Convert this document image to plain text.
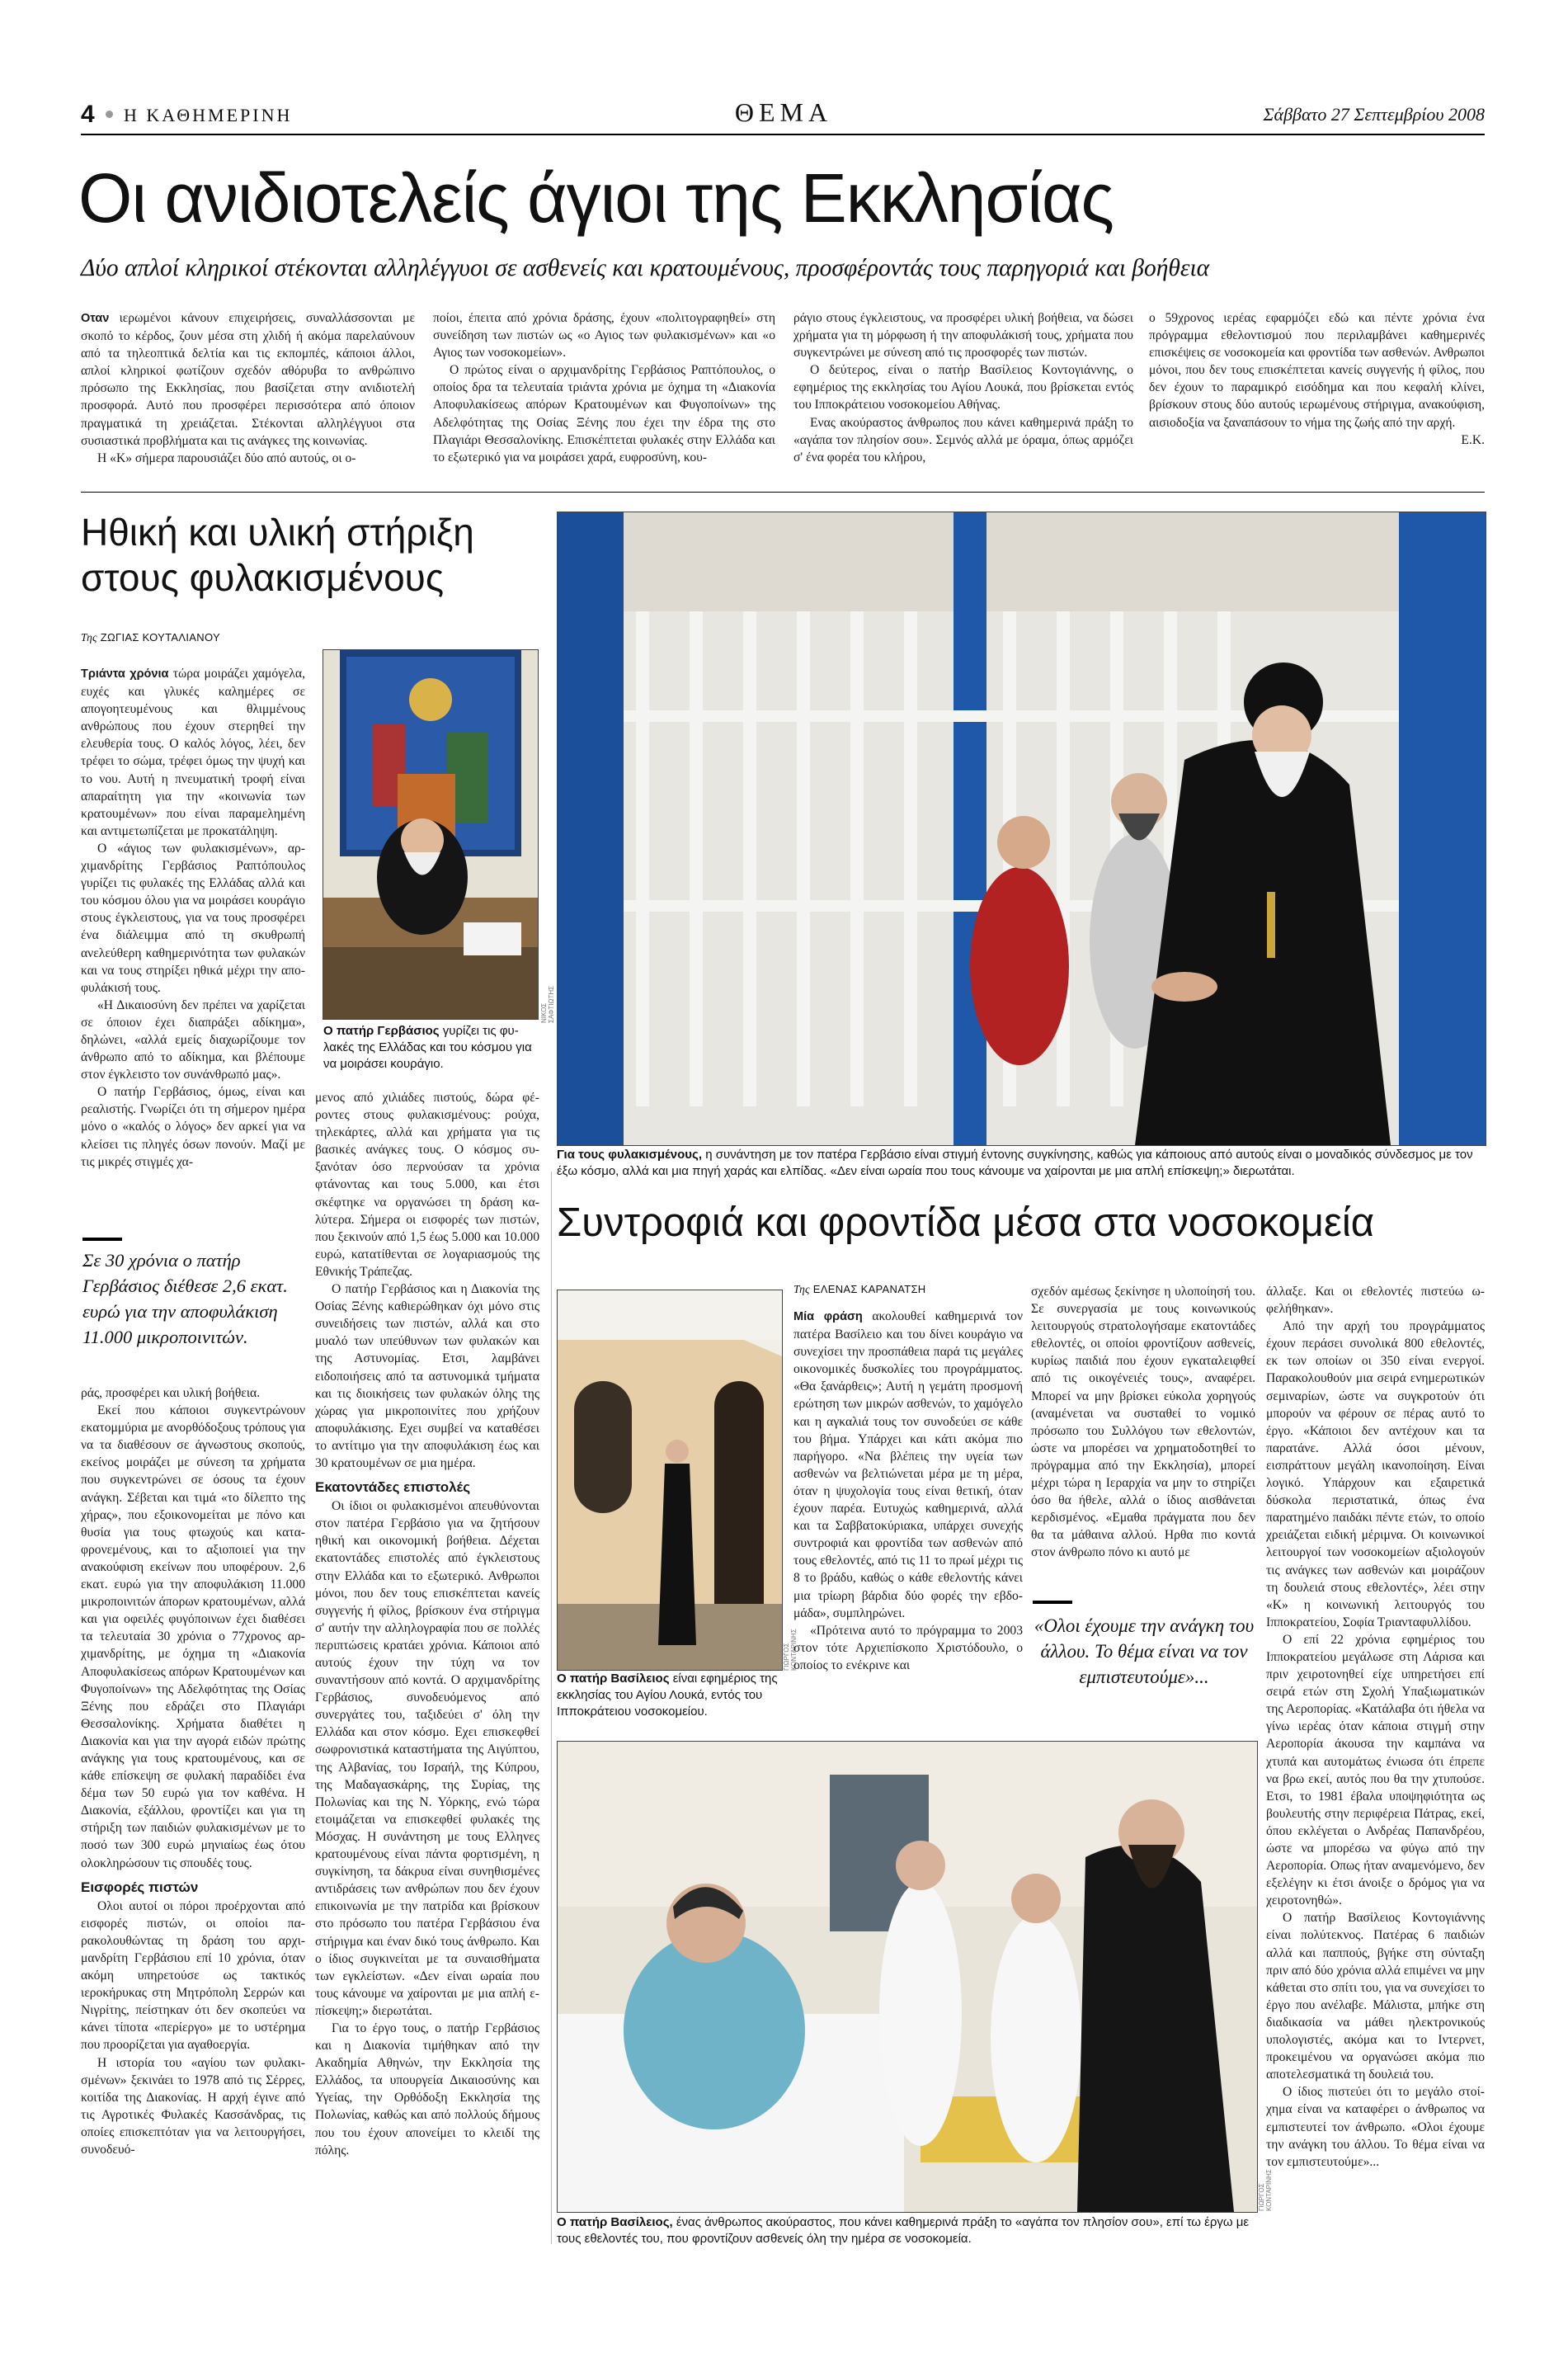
4 Η ΚΑΘΗΜΕΡΙΝΗ	ΘΕΜΑ	Σάββατο 27 Σεπτεμβρίου 2008
Οι ανιδιοτελείς άγιοι της Εκκλησίας
Δύο απλοί κληρικοί στέκονται αλληλέγγυοι σε ασθενείς και κρατουμένους, προσφέροντάς τους παρηγοριά και βοήθεια

Οταν ιερωμένοι κάνουν επιχειρήσεις, συναλλάσσονται με σκοπό το κέρδος, ζουν μέσα στη χλιδή ή ακόμα παρελαύνουν από τα τηλεοπτικά δελτία και τις εκπομπές, κάποιοι άλλοι, απλοί κληρικοί φωτίζουν σχεδόν αθόρυβα το ανθρώπινο πρόσωπο της Εκκλησίας, που βασίζεται στην ανιδιοτελή προσφορά. Αυτό που προσφέρει περισσότερα από όποιον πραγματικά τη χρειάζεται. Στέκονται αλληλέγγυοι στα συσιαστικά προβλήματα και τις ανάγκες της κοινωνίας.

Η «Κ» σήμερα παρουσιάζει δύο από αυτούς, οι ο-

ποίοι, έπειτα από χρόνια δράσης, έχουν «πολιτογραφηθεί» στη συνείδηση των πιστών ως «ο Αγιος των φυλακισμένων» και «ο Αγιος των νοσοκομείων».

Ο πρώτος είναι ο αρχιμανδρίτης Γερβάσιος Ραπτόπουλος, ο οποίος δρα τα τελευταία τριάντα χρόνια με όχημα τη «Διακονία Αποφυλακίσεως απόρων Κρατουμένων και Φυγοποίνων» της Αδελφότητας της Οσίας Ξένης που έχει την έδρα της στο Πλαγιάρι Θεσσαλονίκης. Επισκέπτεται φυλακές στην Ελλάδα και το εξωτερικό για να μοιράσει χαρά, ευφροσύνη, κου-

ράγιο στους έγκλειστους, να προσφέρει υλική βοήθεια, να δώσει χρήματα για τη μόρφωση ή την αποφυλάκισή τους, χρήματα που συγκεντρώνει με σύνεση από τις προσφορές των πιστών.

Ο δεύτερος, είναι ο πατήρ Βασίλειος Κοντογιάννης, ο εφημέριος της εκκλησίας του Αγίου Λουκά, που βρίσκεται εντός του Ιπποκράτειου νοσοκομείου Αθήνας.

Ενας ακούραστος άνθρωπος που κάνει καθημερινά πράξη το «αγάπα τον πλησίον σου». Σεμνός αλλά με όραμα, όπως αρμόζει σ' ένα φορέα του κλήρου,

ο 59χρονος ιερέας εφαρμόζει εδώ και πέντε χρόνια ένα πρόγραμμα εθελοντισμού που περιλαμβάνει καθημερινές επισκέψεις σε νοσοκομεία και φροντίδα των ασθενών. Ανθρωποι μόνοι, που δεν τους επισκέπτεται κανείς συγγενής ή φίλος, που δεν έχουν το παραμικρό εισόδημα και που κεφαλή κλίνει, βρίσκουν στους δύο αυτούς ιερωμένους στήριγμα, ανακούφιση, αισιοδοξία να ξαναπάσουν το νήμα της ζωής από την αρχή.

Ε.Κ.

Ηθική και υλική στήριξη
στους φυλακισμένους
Της ΖΩΓΙΑΣ ΚΟΥΤΑΛΙΑΝΟΥ
ΝΙΚΟΣ ΣΑΦΤΙΩΤΗΣ
Ο πατήρ Γερβάσιος γυρίζει τις φυλακές της Ελλάδας και του κόσμου για να μοιράσει κουράγιο.

Τριάντα χρόνια τώρα μοιράζει χαμόγελα, ευχές και γλυκές καλημέρες σε απογοητευμένους και θλιμμένους ανθρώπους που έχουν στερηθεί την ελευθερία τους. Ο καλός λόγος, λέει, δεν τρέφει το σώμα, τρέφει όμως την ψυχή και το νου. Αυτή η πνευματική τροφή είναι απαραίτητη για την «κοινωνία των κρατουμένων» που είναι παραμελημένη και αντιμετωπίζεται με προκατάληψη.

Ο «άγιος των φυλακισμένων», αρχιμανδρίτης Γερβάσιος Ραπτόπουλος γυρίζει τις φυλακές της Ελλάδας αλλά και του κόσμου όλου για να μοιράσει κουράγιο στους έγκλειστους, για να τους προσφέρει ένα διάλειμμα από τη σκυθρωπή ανελεύθερη καθημερινότητα των φυλακών και να τους στηρίξει ηθικά μέχρι την αποφυλάκισή τους.

«Η Δικαιοσύνη δεν πρέπει να χαρίζεται σε όποιον έχει διαπράξει αδίκημα», δηλώνει, «αλλά εμείς διαχωρίζουμε τον άνθρωπο από το αδίκημα, και βλέπουμε στον έγκλειστο τον συνάνθρωπό μας».

Ο πατήρ Γερβάσιος, όμως, είναι και ρεαλιστής. Γνωρίζει ότι τη σήμερον ημέρα μόνο ο «καλός ο λόγος» δεν αρκεί για να κλείσει τις πληγές όσων πονούν. Μαζί με τις μικρές στιγμές χα-

Σε 30 χρόνια ο πατήρ Γερβάσιος διέθεσε 2,6 εκατ. ευρώ για την αποφυλάκιση 11.000 μικροποινιτών.

ράς, προσφέρει και υλική βοήθεια.

Εκεί που κάποιοι συγκεντρώνουν εκατομμύρια με ανορθόδοξους τρόπους για να τα διαθέσουν σε άγνωστους σκοπούς, εκείνος μοιράζει με σύνεση τα χρήματα που συγκεντρώνει σε όσους τα έχουν ανάγκη. Σέβεται και τιμά «το δίλεπτο της χήρας», που εξοικονομείται με πόνο και θυσία για τους φτωχούς και καταφρονεμένους, και το αξιοποιεί για την ανακούφιση εκείνων που υποφέρουν. 2,6 εκατ. ευρώ για την αποφυλάκιση 11.000 μικροποινιτών άπορων κρατουμένων, αλλά και για οφειλές φυγόποινων έχει διαθέσει τα τελευταία 30 χρόνια ο 77χρονος αρχιμανδρίτης, με όχημα τη «Διακονία Αποφυλακίσεως απόρων Κρατουμένων και Φυγοποίνων» της Αδελφότητας της Οσίας Ξένης που εδράζει στο Πλαγιάρι Θεσσαλονίκης. Χρήματα διαθέτει η Διακονία και για την αγορά ειδών πρώτης ανάγκης για τους κρατουμένους, και σε κάθε επίσκεψη σε φυλακή παραδίδει ένα δέμα των 50 ευρώ για τον καθένα. Η Διακονία, εξάλλου, φροντίζει και για τη στήριξη των παιδιών φυλακισμένων με το ποσό των 300 ευρώ μηνιαίως έως ότου ολοκληρώσουν τις σπουδές τους.

Εισφορές πιστών

Ολοι αυτοί οι πόροι προέρχονται από εισφορές πιστών, οι οποίοι παρακολουθώντας τη δράση του αρχιμανδρίτη Γερβάσιου επί 10 χρόνια, όταν ακόμη υπηρετούσε ως τακτικός ιεροκήρυκας στη Μητρόπολη Σερρών και Νιγρίτης, πείστηκαν ότι δεν σκοπεύει να κάνει τίποτα «περίεργο» με το υστέρημα που προορίζεται για αγαθοεργία.

Η ιστορία του «αγίου των φυλακισμένων» ξεκινάει το 1978 από τις Σέρρες, κοιτίδα της Διακονίας. Η αρχή έγινε από τις Αγροτικές Φυλακές Κασσάνδρας, τις οποίες επισκεπτόταν για να λειτουργήσει, συνοδευό-

μενος από χιλιάδες πιστούς, δώρα φέροντες στους φυλακισμένους: ρούχα, τηλεκάρτες, αλλά και χρήματα για τις βασικές ανάγκες τους. Ο κόσμος συξανόταν όσο περνούσαν τα χρόνια φτάνοντας και τους 5.000, και έτσι σκέφτηκε να οργανώσει τη δράση καλύτερα. Σήμερα οι εισφορές των πιστών, που ξεκινούν από 1,5 έως 5.000 και 10.000 ευρώ, κατατίθενται σε λογαριασμούς της Εθνικής Τράπεζας.

Ο πατήρ Γερβάσιος και η Διακονία της Οσίας Ξένης καθιερώθηκαν όχι μόνο στις συνειδήσεις των πιστών, αλλά και στο μυαλό των υπεύθυνων των φυλακών και της Αστυνομίας. Ετσι, λαμβάνει ειδοποιήσεις από τα αστυνομικά τμήματα και τις διοικήσεις των φυλακών όλης της χώρας για μικροποινίτες που χρήζουν αποφυλάκισης. Εχει συμβεί να καταθέσει το αντίτιμο για την αποφυλάκιση έως και 30 κρατουμένων σε μια ημέρα.

Εκατοντάδες επιστολές

Οι ίδιοι οι φυλακισμένοι απευθύνονται στον πατέρα Γερβάσιο για να ζητήσουν ηθική και οικονομική βοήθεια. Δέχεται εκατοντάδες επιστολές από έγκλειστους στην Ελλάδα και το εξωτερικό. Ανθρωποι μόνοι, που δεν τους επισκέπτεται κανείς συγγενής ή φίλος, βρίσκουν ένα στήριγμα σ' αυτήν την αλληλογραφία που σε πολλές περιπτώσεις κρατάει χρόνια. Κάποιοι από αυτούς έχουν την τύχη να τον συναντήσουν από κοντά. Ο αρχιμανδρίτης Γερβάσιος, συνοδευόμενος από συνεργάτες του, ταξιδεύει σ' όλη την Ελλάδα και στον κόσμο. Εχει επισκεφθεί σωφρονιστικά καταστήματα της Αιγύπτου, της Αλβανίας, του Ισραήλ, της Κύπρου, της Μαδαγασκάρης, της Συρίας, της Πολωνίας και της Ν. Υόρκης, ενώ τώρα ετοιμάζεται να επισκεφθεί φυλακές της Μόσχας. Η συνάντηση με τους Ελληνες κρατουμένους είναι πάντα φορτισμένη, η συγκίνηση, τα δάκρυα είναι συνηθισμένες αντιδράσεις των ανθρώπων που δεν έχουν επικοινωνία με την πατρίδα και βρίσκουν στο πρόσωπο του πατέρα Γερβάσιου ένα στήριγμα και έναν δικό τους άνθρωπο. Και ο ίδιος συγκινείται με τα συναισθήματα των εγκλείστων. «Δεν είναι ωραία που τους κάνουμε να χαίρονται με μια απλή επίσκεψη;» διερωτάται.

Για το έργο τους, ο πατήρ Γερβάσιος και η Διακονία τιμήθηκαν από την Ακαδημία Αθηνών, την Εκκλησία της Ελλάδος, τα υπουργεία Δικαιοσύνης και Υγείας, την Ορθόδοξη Εκκλησία της Πολωνίας, καθώς και από πολλούς δήμους που του έχουν απονείμει το κλειδί της πόλης.

Για τους φυλακισμένους, η συνάντηση με τον πατέρα Γερβάσιο είναι στιγμή έντονης συγκίνησης, καθώς για κάποιους από αυτούς είναι ο μοναδικός σύνδεσμος με τον έξω κόσμο, αλλά και μια πηγή χαράς και ελπίδας. «Δεν είναι ωραία που τους κάνουμε να χαίρονται με μια απλή επίσκεψη;» διερωτάται.
Συντροφιά και φροντίδα μέσα στα νοσοκομεία
ΓΙΩΡΓΟΣ ΚΟΝΤΑΡΙΝΗΣ
Ο πατήρ Βασίλειος είναι εφημέριος της εκκλησίας του Αγίου Λουκά, εντός του Ιπποκράτειου νοσοκομείου.
Της ΕΛΕΝΑΣ ΚΑΡΑΝΑΤΣΗ

Μία φράση ακολουθεί καθημερινά τον πατέρα Βασίλειο και του δίνει κουράγιο να συνεχίσει την προσπάθεια παρά τις μεγάλες οικονομικές δυσκολίες του προγράμματος. «Θα ξανάρθεις»; Αυτή η γεμάτη προσμονή ερώτηση των μικρών ασθενών, το χαμόγελο και η αγκαλιά τους τον συνοδεύει σε κάθε του βήμα. Υπάρχει και κάτι ακόμα πιο παρήγορο. «Να βλέπεις την υγεία των ασθενών να βελτιώνεται μέρα με τη μέρα, όταν η ψυχολογία τους είναι θετική, όταν έχουν παρέα. Ευτυχώς καθημερινά, αλλά και τα Σαββατοκύριακα, υπάρχει συνεχής συντροφιά και φροντίδα των ασθενών από τους εθελοντές, από τις 11 το πρωί μέχρι τις 8 το βράδυ, καθώς ο κάθε εθελοντής κάνει μια τρίωρη βάρδια δύο φορές την εβδομάδα», συμπληρώνει.

«Πρότεινα αυτό το πρόγραμμα το 2003 στον τότε Αρχιεπίσκοπο Χριστόδουλο, ο οποίος το ενέκρινε και

σχεδόν αμέσως ξεκίνησε η υλοποίησή του. Σε συνεργασία με τους κοινωνικούς λειτουργούς στρατολογήσαμε εκατοντάδες εθελοντές, οι οποίοι φροντίζουν ασθενείς, κυρίως παιδιά που έχουν εγκαταλειφθεί από τις οικογένειές τους», αναφέρει. Μπορεί να μην βρίσκει εύκολα χορηγούς (αναμένεται να συσταθεί το νομικό πρόσωπο του Συλλόγου των εθελοντών, ώστε να μπορέσει να χρηματοδοτηθεί το πρόγραμμα από την Εκκλησία), μπορεί μέχρι τώρα η Ιεραρχία να μην το στηρίζει όσο θα ήθελε, αλλά ο ίδιος αισθάνεται κερδισμένος. «Εμαθα πράγματα που δεν θα τα μάθαινα αλλού. Ηρθα πιο κοντά στον άνθρωπο πόνο κι αυτό με

«Ολοι έχουμε την ανάγκη του άλλου. Το θέμα είναι να τον εμπιστευτούμε»...

άλλαξε. Και οι εθελοντές πιστεύω ωφελήθηκαν».

Από την αρχή του προγράμματος έχουν περάσει συνολικά 800 εθελοντές, εκ των οποίων οι 350 είναι ενεργοί. Παρακολουθούν μια σειρά ενημερωτικών σεμιναρίων, ώστε να συγκροτούν ότι μπορούν να φέρουν σε πέρας αυτό το έργο. «Κάποιοι δεν αντέχουν και τα παρατάνε. Αλλά όσοι μένουν, εισπράττουν μεγάλη ικανοποίηση. Είναι λογικό. Υπάρχουν και εξαιρετικά δύσκολα περιστατικά, όπως ένα παρατημένο παιδάκι πέντε ετών, το οποίο χρειάζεται ειδική μέριμνα. Οι κοινωνικοί λειτουργοί των νοσοκομείων αξιολογούν τις ανάγκες των ασθενών και μοιράζουν τη δουλειά στους εθελοντές», λέει στην «Κ» η κοινωνική λειτουργός του Ιπποκρατείου, Σοφία Τριανταφυλλίδου.

Ο επί 22 χρόνια εφημέριος του Ιπποκρατείου μεγάλωσε στη Λάρισα και πριν χειροτονηθεί είχε υπηρετήσει επί σειρά ετών στη Σχολή Υπαξιωματικών της Αεροπορίας. «Κατάλαβα ότι ήθελα να γίνω ιερέας όταν κάποια στιγμή στην Αεροπορία άκουσα την καμπάνα να χτυπά και αυτομάτως ένιωσα ότι έπρεπε να βρω εκεί, αυτός που θα την χτυπούσε. Ετσι, το 1981 έβαλα υποψηφιότητα ως βουλευτής στην περιφέρεια Πάτρας, εκεί, όπου εκλέγεται ο Ανδρέας Παπανδρέου, ώστε να μπορέσω να φύγω από την Αεροπορία. Οπως ήταν αναμενόμενο, δεν εξελέγην κι έτσι άνοιξε ο δρόμος για να χειροτονηθώ».

Ο πατήρ Βασίλειος Κοντογιάννης είναι πολύτεκνος. Πατέρας 6 παιδιών αλλά και παππούς, βγήκε στη σύνταξη πριν από δύο χρόνια αλλά επιμένει να μην κάθεται στο σπίτι του, για να συνεχίσει το έργο που ανέλαβε. Μάλιστα, μπήκε στη διαδικασία να μάθει ηλεκτρονικούς υπολογιστές, ακόμα και το Ιντερνετ, προκειμένου να οργανώσει ακόμα πιο αποτελεσματικά τη δουλειά του.

Ο ίδιος πιστεύει ότι το μεγάλο στοίχημα είναι να καταφέρει ο άνθρωπος να εμπιστευτεί τον άνθρωπο. «Ολοι έχουμε την ανάγκη του άλλου. Το θέμα είναι να τον εμπιστευτούμε»...

ΓΙΩΡΓΟΣ ΚΟΝΤΑΡΙΝΗΣ
Ο πατήρ Βασίλειος, ένας άνθρωπος ακούραστος, που κάνει καθημερινά πράξη το «αγάπα τον πλησίον σου», επί τω έργω με τους εθελοντές του, που φροντίζουν ασθενείς όλη την ημέρα σε νοσοκομεία.
